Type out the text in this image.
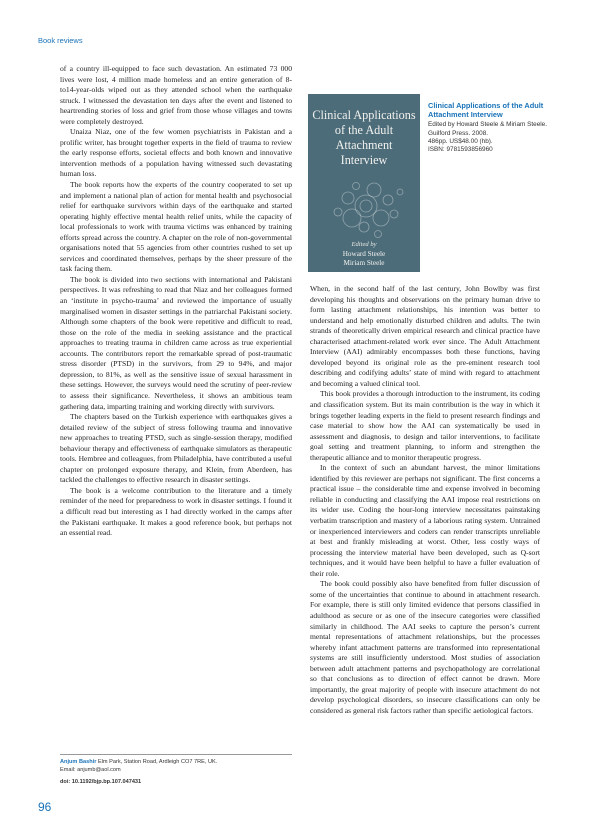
Book reviews

of a country ill-equipped to face such devastation. An estimated 73 000 lives were lost, 4 million made homeless and an entire generation of 8- to14-year-olds wiped out as they attended school when the earthquake struck. I witnessed the devastation ten days after the event and listened to heartrending stories of loss and grief from those whose villages and towns were completely destroyed.

Unaiza Niaz, one of the few women psychiatrists in Pakistan and a prolific writer, has brought together experts in the field of trauma to review the early response efforts, societal effects and both known and innovative intervention methods of a population having witnessed such devastating human loss.

The book reports how the experts of the country cooperated to set up and implement a national plan of action for mental health and psychosocial relief for earthquake survivors within days of the earthquake and started operating highly effective mental health relief units, while the capacity of local professionals to work with trauma victims was enhanced by training efforts spread across the country. A chapter on the role of non-governmental organisations noted that 55 agencies from other countries rushed to set up services and coordinated themselves, perhaps by the sheer pressure of the task facing them.

The book is divided into two sections with international and Pakistani perspectives. It was refreshing to read that Niaz and her colleagues formed an ‘institute in psycho-trauma’ and reviewed the importance of usually marginalised women in disaster settings in the patriarchal Pakistani society. Although some chapters of the book were repetitive and difficult to read, those on the role of the media in seeking assistance and the practical approaches to treating trauma in children came across as true experiential accounts. The contributors report the remarkable spread of post-traumatic stress disorder (PTSD) in the survivors, from 29 to 94%, and major depression, to 81%, as well as the sensitive issue of sexual harassment in these settings. However, the surveys would need the scrutiny of peer-review to assess their significance. Nevertheless, it shows an ambitious team gathering data, imparting training and working directly with survivors.

The chapters based on the Turkish experience with earthquakes gives a detailed review of the subject of stress following trauma and innovative new approaches to treating PTSD, such as single-session therapy, modified behaviour therapy and effectiveness of earthquake simulators as therapeutic tools. Hembree and colleagues, from Philadelphia, have contributed a useful chapter on prolonged exposure therapy, and Klein, from Aberdeen, has tackled the challenges to effective research in disaster settings.

The book is a welcome contribution to the literature and a timely reminder of the need for preparedness to work in disaster settings. I found it a difficult read but interesting as I had directly worked in the camps after the Pakistani earthquake. It makes a good reference book, but perhaps not an essential read.

Clinical Applications of the Adult Attachment Interview
Edited by
Howard Steele
Miriam Steele
Clinical Applications of the Adult Attachment Interview
Edited by Howard Steele & Miriam Steele.
Guilford Press. 2008.
486pp. US$48.00 (hb).
ISBN: 9781593856960

When, in the second half of the last century, John Bowlby was first developing his thoughts and observations on the primary human drive to form lasting attachment relationships, his intention was better to understand and help emotionally disturbed children and adults. The twin strands of theoretically driven empirical research and clinical practice have characterised attachment-related work ever since. The Adult Attachment Interview (AAI) admirably encompasses both these functions, having developed beyond its original role as the pre-eminent research tool describing and codifying adults’ state of mind with regard to attachment and becoming a valued clinical tool.

This book provides a thorough introduction to the instrument, its coding and classification system. But its main contribution is the way in which it brings together leading experts in the field to present research findings and case material to show how the AAI can systematically be used in assessment and diagnosis, to design and tailor interventions, to facilitate goal setting and treatment planning, to inform and strengthen the therapeutic alliance and to monitor therapeutic progress.

In the context of such an abundant harvest, the minor limitations identified by this reviewer are perhaps not significant. The first concerns a practical issue – the considerable time and expense involved in becoming reliable in conducting and classifying the AAI impose real restrictions on its wider use. Coding the hour-long interview necessitates painstaking verbatim transcription and mastery of a laborious rating system. Untrained or inexperienced interviewers and coders can render transcripts unreliable at best and frankly misleading at worst. Other, less costly ways of processing the interview material have been developed, such as Q-sort techniques, and it would have been helpful to have a fuller evaluation of their role.

The book could possibly also have benefited from fuller discussion of some of the uncertainties that continue to abound in attachment research. For example, there is still only limited evidence that persons classified in adulthood as secure or as one of the insecure categories were classified similarly in childhood. The AAI seeks to capture the person’s current mental representations of attachment relationships, but the processes whereby infant attachment patterns are transformed into representational systems are still insufficiently understood. Most studies of association between adult attachment patterns and psychopathology are correlational so that conclusions as to direction of effect cannot be drawn. More importantly, the great majority of people with insecure attachment do not develop psychological disorders, so insecure classifications can only be considered as general risk factors rather than specific aetiological factors.

Anjum Bashir Elm Park, Station Road, Ardleigh CO7 7RE, UK.
Email: anjumb@aol.com
doi: 10.1192/bjp.bp.107.047431
96
